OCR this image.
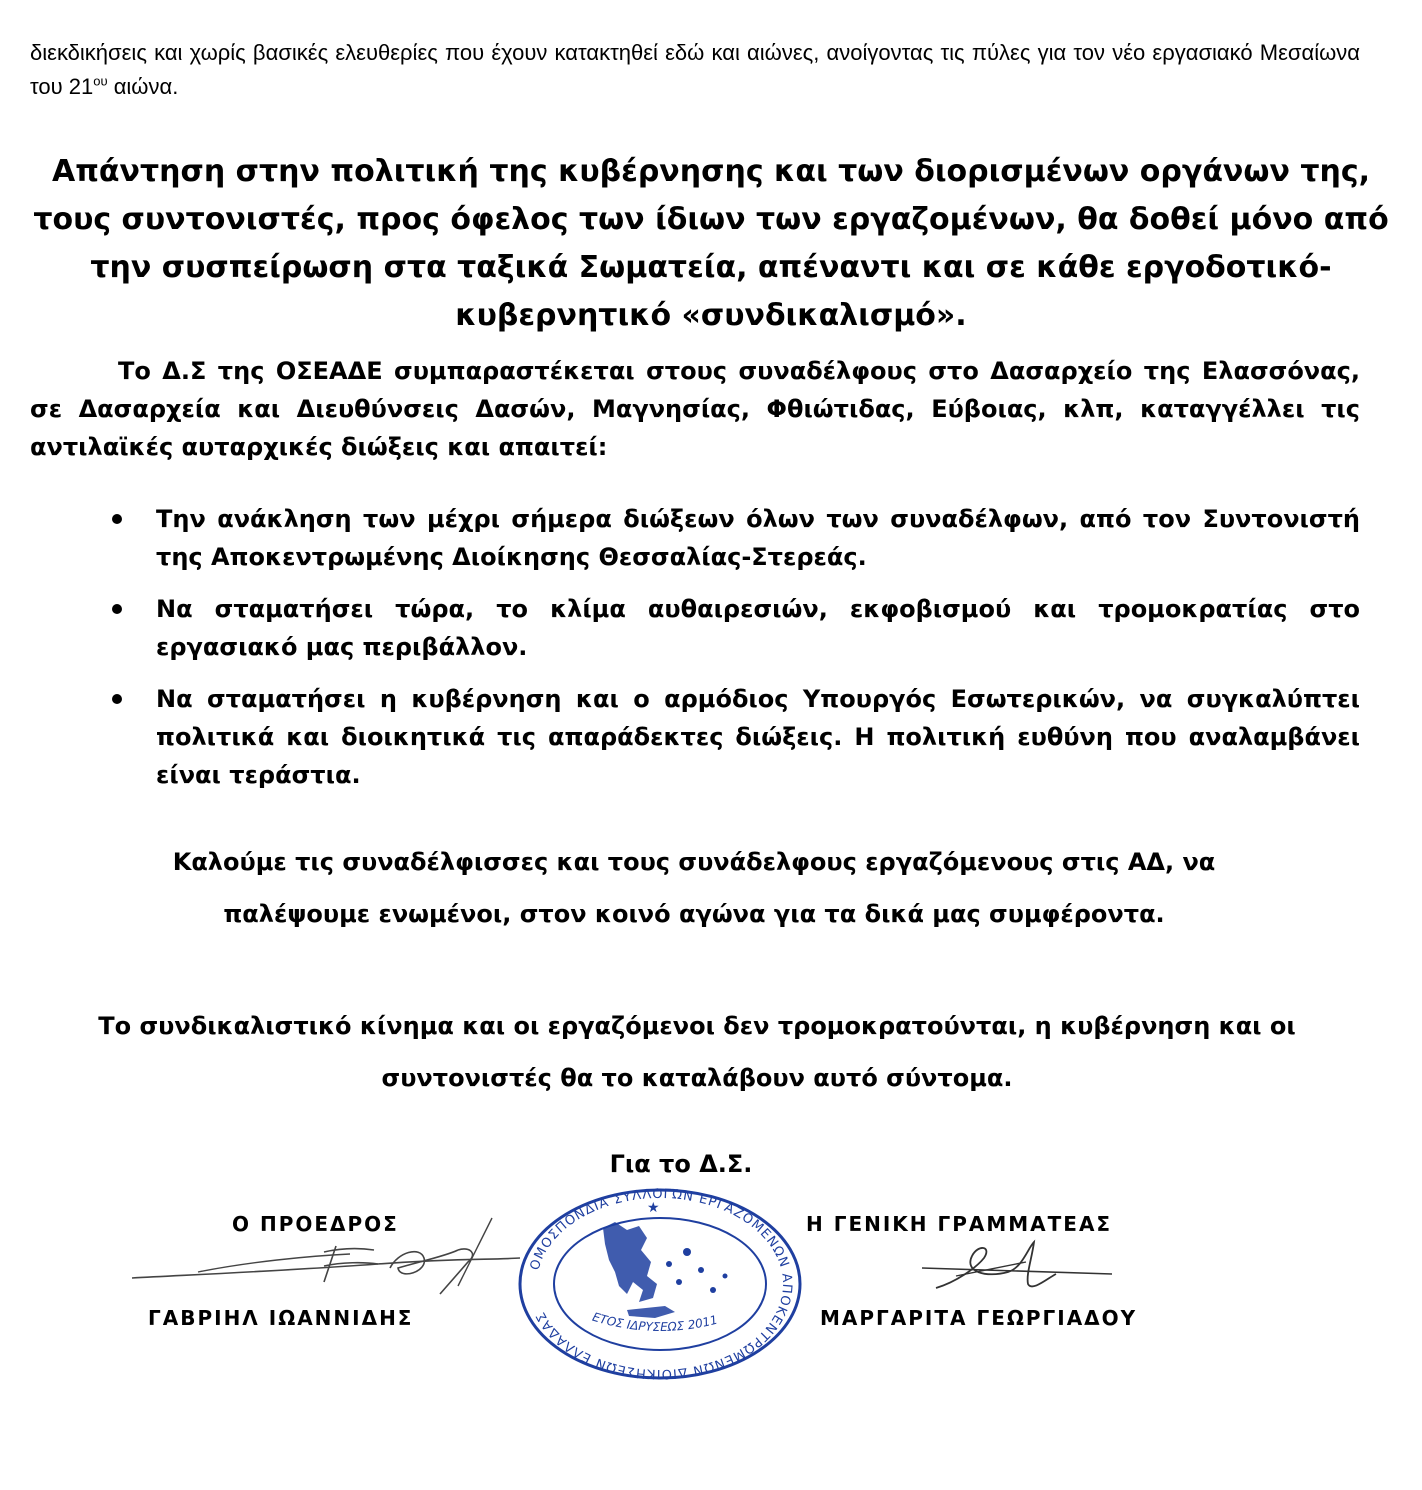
διεκδικήσεις και χωρίς βασικές ελευθερίες που έχουν κατακτηθεί εδώ και αιώνες, ανοίγοντας τις πύλες για τον νέο εργασιακό Μεσαίωνα του $21^{o\upsilon}$ αιώνα.
Απάντηση στην πολιτική της κυβέρνησης και των διορισμένων οργάνων της, τους συντονιστές, προς όφελος των ίδιων των εργαζομένων, θα δοθεί μόνο από την συσπείρωση στα ταξικά Σωματεία, απέναντι και σε κάθε εργοδοτικό-κυβερνητικό «συνδικαλισμό».
Το Δ.Σ της ΟΣΕΑΔΕ συμπαραστέκεται στους συναδέλφους στο Δασαρχείο της Ελασσόνας, σε Δασαρχεία και Διευθύνσεις Δασών, Μαγνησίας, Φθιώτιδας, Εύβοιας, κλπ, καταγγέλλει τις αντιλαϊκές αυταρχικές διώξεις και απαιτεί:
Την ανάκληση των μέχρι σήμερα διώξεων όλων των συναδέλφων, από τον Συντονιστή της Αποκεντρωμένης Διοίκησης Θεσσαλίας-Στερεάς.
Να σταματήσει τώρα, το κλίμα αυθαιρεσιών, εκφοβισμού και τρομοκρατίας στο εργασιακό μας περιβάλλον.
Να σταματήσει η κυβέρνηση και ο αρμόδιος Υπουργός Εσωτερικών, να συγκαλύπτει πολιτικά και διοικητικά τις απαράδεκτες διώξεις. Η πολιτική ευθύνη που αναλαμβάνει είναι τεράστια.
Καλούμε τις συναδέλφισσες και τους συνάδελφους εργαζόμενους στις ΑΔ, να
παλέψουμε ενωμένοι, στον κοινό αγώνα για τα δικά μας συμφέροντα.
Το συνδικαλιστικό κίνημα και οι εργαζόμενοι δεν τρομοκρατούνται, η κυβέρνηση και οι
συντονιστές θα το καταλάβουν αυτό σύντομα.
Για το Δ.Σ.
Ο ΠΡΟΕΔΡΟΣ	Η ΓΕΝΙΚΗ ΓΡΑΜΜΑΤΕΑΣ
ΓΑΒΡΙΗΛ ΙΩΑΝΝΙΔΗΣ	ΜΑΡΓΑΡΙΤΑ ΓΕΩΡΓΙΑΔΟΥ
ΟΜΟΣΠΟΝΔΙΑ ΣΥΛΛΟΓΩΝ ΕΡΓΑΖΟΜΕΝΩΝ ΑΠΟΚΕΝΤΡΩΜΕΝΩΝ ΔΙΟΙΚΗΣΕΩΝ ΕΛΛΑΔΑΣ	ΕΤΟΣ ΙΔΡΥΣΕΩΣ 2011
★
